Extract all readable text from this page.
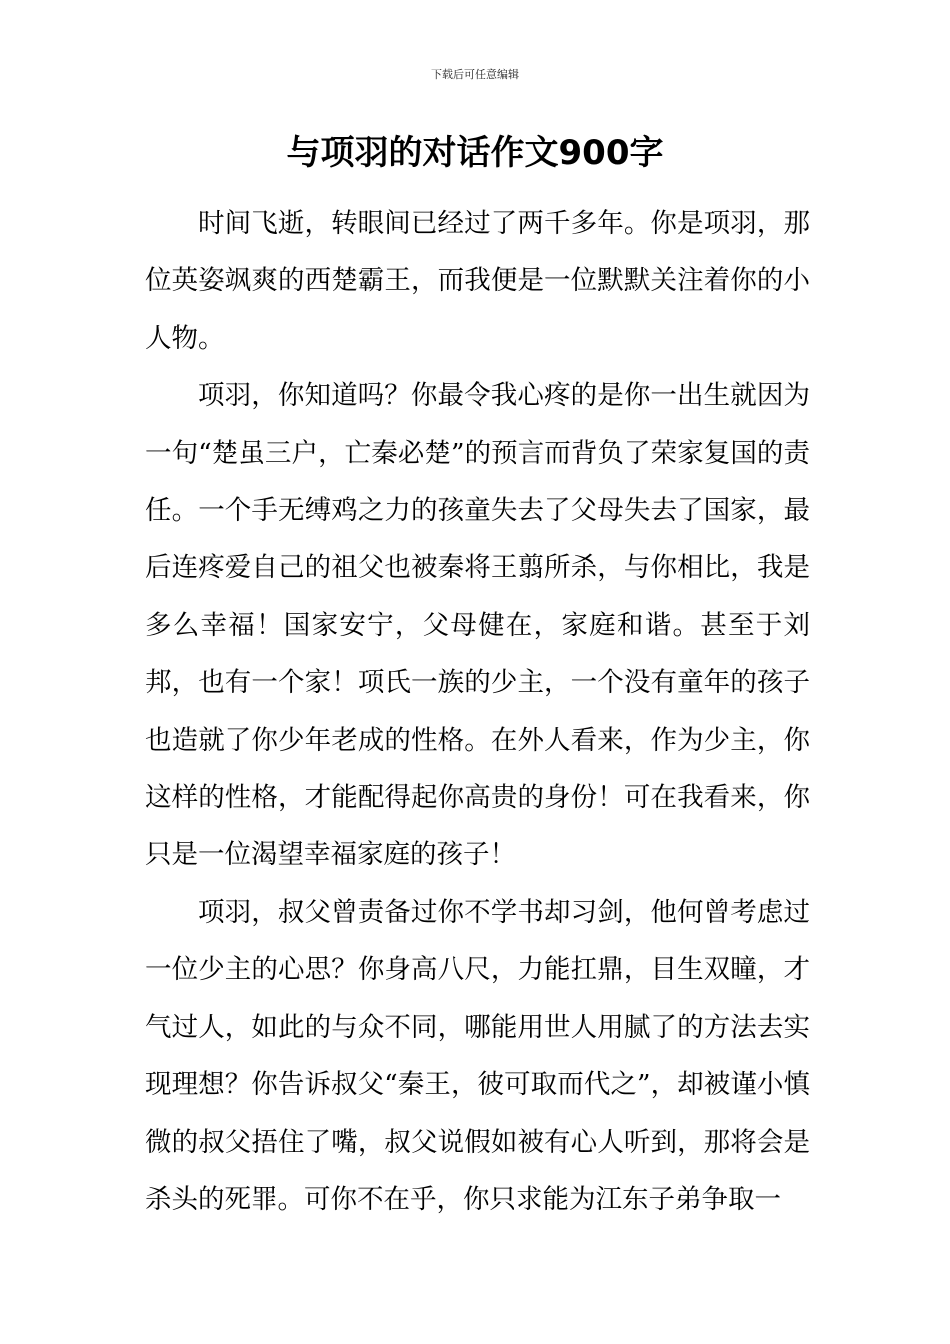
下载后可任意编辑
与项羽的对话作文900字

时间飞逝，转眼间已经过了两千多年。你是项羽，那位英姿飒爽的西楚霸王，而我便是一位默默关注着你的小人物。

项羽，你知道吗？你最令我心疼的是你一出生就因为一句“楚虽三户，亡秦必楚”的预言而背负了荣家复国的责任。一个手无缚鸡之力的孩童失去了父母失去了国家，最后连疼爱自己的祖父也被秦将王翦所杀，与你相比，我是多么幸福！国家安宁，父母健在，家庭和谐。甚至于刘邦，也有一个家！项氏一族的少主，一个没有童年的孩子也造就了你少年老成的性格。在外人看来，作为少主，你这样的性格，才能配得起你高贵的身份！可在我看来，你只是一位渴望幸福家庭的孩子！

项羽，叔父曾责备过你不学书却习剑，他何曾考虑过一位少主的心思？你身高八尺，力能扛鼎，目生双瞳，才气过人，如此的与众不同，哪能用世人用腻了的方法去实现理想？你告诉叔父“秦王，彼可取而代之”，却被谨小慎微的叔父捂住了嘴，叔父说假如被有心人听到，那将会是杀头的死罪。可你不在乎，你只求能为江东子弟争取一
